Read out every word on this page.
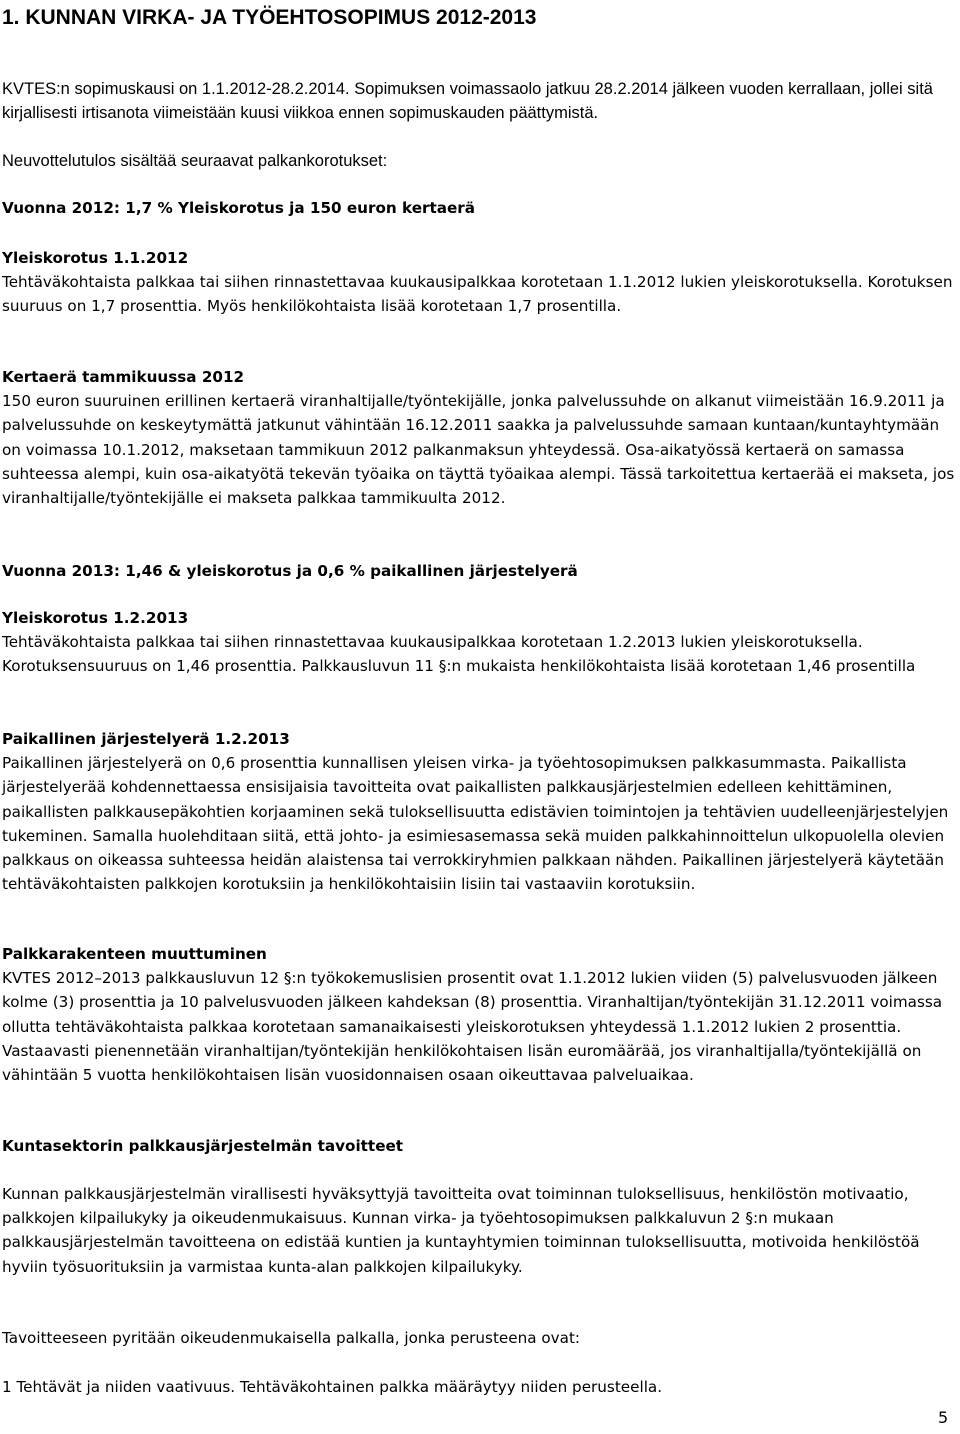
1. KUNNAN VIRKA- JA TYÖEHTOSOPIMUS 2012-2013

KVTES:n sopimuskausi on 1.1.2012-28.2.2014. Sopimuksen voimassaolo jatkuu 28.2.2014 jälkeen vuoden kerrallaan, jollei sitä kirjallisesti irtisanota viimeistään kuusi viikkoa ennen sopimuskauden päättymistä.

Neuvottelutulos sisältää seuraavat palkankorotukset:

Vuonna 2012: 1,7 % Yleiskorotus ja 150 euron kertaerä

Yleiskorotus 1.1.2012
Tehtäväkohtaista palkkaa tai siihen rinnastettavaa kuukausipalkkaa korotetaan 1.1.2012 lukien yleiskorotuksella. Korotuksen suuruus on 1,7 prosenttia. Myös henkilökohtaista lisää korotetaan 1,7 prosentilla.
Kertaerä tammikuussa 2012
150 euron suuruinen erillinen kertaerä viranhaltijalle/työntekijälle, jonka palvelussuhde on alkanut viimeistään 16.9.2011 ja palvelussuhde on keskeytymättä jatkunut vähintään 16.12.2011 saakka ja palvelussuhde samaan kuntaan/kuntayhtymään on voimassa 10.1.2012, maksetaan tammikuun 2012 palkanmaksun yhteydessä. Osa-aikatyössä kertaerä on samassa suhteessa alempi, kuin osa-aikatyötä tekevän työaika on täyttä työaikaa alempi. Tässä tarkoitettua kertaerää ei makseta, jos viranhaltijalle/työntekijälle ei makseta palkkaa tammikuulta 2012.

Vuonna 2013: 1,46 & yleiskorotus ja 0,6 % paikallinen järjestelyerä

Yleiskorotus 1.2.2013
Tehtäväkohtaista palkkaa tai siihen rinnastettavaa kuukausipalkkaa korotetaan 1.2.2013 lukien yleiskorotuksella. Korotuksensuuruus on 1,46 prosenttia. Palkkausluvun 11 §:n mukaista henkilökohtaista lisää korotetaan 1,46 prosentilla
Paikallinen järjestelyerä 1.2.2013
Paikallinen järjestelyerä on 0,6 prosenttia kunnallisen yleisen virka- ja työehtosopimuksen palkkasummasta. Paikallista järjestelyerää kohdennettaessa ensisijaisia tavoitteita ovat paikallisten palkkausjärjestelmien edelleen kehittäminen, paikallisten palkkausepäkohtien korjaaminen sekä tuloksellisuutta edistävien toimintojen ja tehtävien uudelleenjärjestelyjen tukeminen. Samalla huolehditaan siitä, että johto- ja esimiesasemassa sekä muiden palkkahinnoittelun ulkopuolella olevien palkkaus on oikeassa suhteessa heidän alaistensa tai verrokkiryhmien palkkaan nähden. Paikallinen järjestelyerä käytetään tehtäväkohtaisten palkkojen korotuksiin ja henkilökohtaisiin lisiin tai vastaaviin korotuksiin.
Palkkarakenteen muuttuminen
KVTES 2012–2013 palkkausluvun 12 §:n työkokemuslisien prosentit ovat 1.1.2012 lukien viiden (5) palvelusvuoden jälkeen kolme (3) prosenttia ja 10 palvelusvuoden jälkeen kahdeksan (8) prosenttia. Viranhaltijan/työntekijän 31.12.2011 voimassa ollutta tehtäväkohtaista palkkaa korotetaan samanaikaisesti yleiskorotuksen yhteydessä 1.1.2012 lukien 2 prosenttia. Vastaavasti pienennetään viranhaltijan/työntekijän henkilökohtaisen lisän euromäärää, jos viranhaltijalla/työntekijällä on vähintään 5 vuotta henkilökohtaisen lisän vuosidonnaisen osaan oikeuttavaa palveluaikaa.

Kuntasektorin palkkausjärjestelmän tavoitteet

Kunnan palkkausjärjestelmän virallisesti hyväksyttyjä tavoitteita ovat toiminnan tuloksellisuus, henkilöstön motivaatio, palkkojen kilpailukyky ja oikeudenmukaisuus. Kunnan virka- ja työehtosopimuksen palkkaluvun 2 §:n mukaan palkkausjärjestelmän tavoitteena on edistää kuntien ja kuntayhtymien toiminnan tuloksellisuutta, motivoida henkilöstöä hyviin työsuorituksiin ja varmistaa kunta-alan palkkojen kilpailukyky.

Tavoitteeseen pyritään oikeudenmukaisella palkalla, jonka perusteena ovat:

1 Tehtävät ja niiden vaativuus. Tehtäväkohtainen palkka määräytyy niiden perusteella.

5
